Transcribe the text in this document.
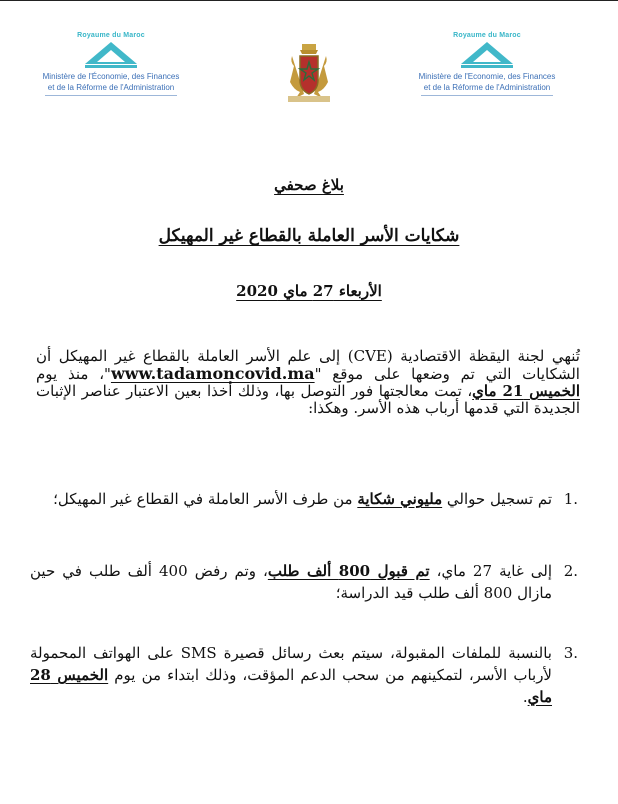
Royaume du Maroc
Ministère de l'Économie, des Finances
et de la Réforme de l'Administration
Royaume du Maroc
Ministère de l'Economie, des Finances
et de la Réforme de l'Administration
بلاغ صحفي
شكايات الأسر العاملة بالقطاع غير المهيكل
الأربعاء 27 ماي 2020
تُنهي لجنة اليقظة الاقتصادية (CVE) إلى علم الأسر العاملة بالقطاع غير المهيكل أن الشكايات التي تم وضعها على موقع "www.tadamoncovid.ma"، منذ يوم الخميس 21 ماي، تمت معالجتها فور التوصل بها، وذلك أخذا بعين الاعتبار عناصر الإثبات الجديدة التي قدمها أرباب هذه الأسر. وهكذا:
1.
تم تسجيل حوالي مليوني شكاية من طرف الأسر العاملة في القطاع غير المهيكل؛
2.
إلى غاية 27 ماي، تم قبول 800 ألف طلب، وتم رفض 400 ألف طلب في حين مازال 800 ألف طلب قيد الدراسة؛
3.
بالنسبة للملفات المقبولة، سيتم بعث رسائل قصيرة SMS على الهواتف المحمولة لأرباب الأسر، لتمكينهم من سحب الدعم المؤقت، وذلك ابتداء من يوم الخميس 28 ماي.
